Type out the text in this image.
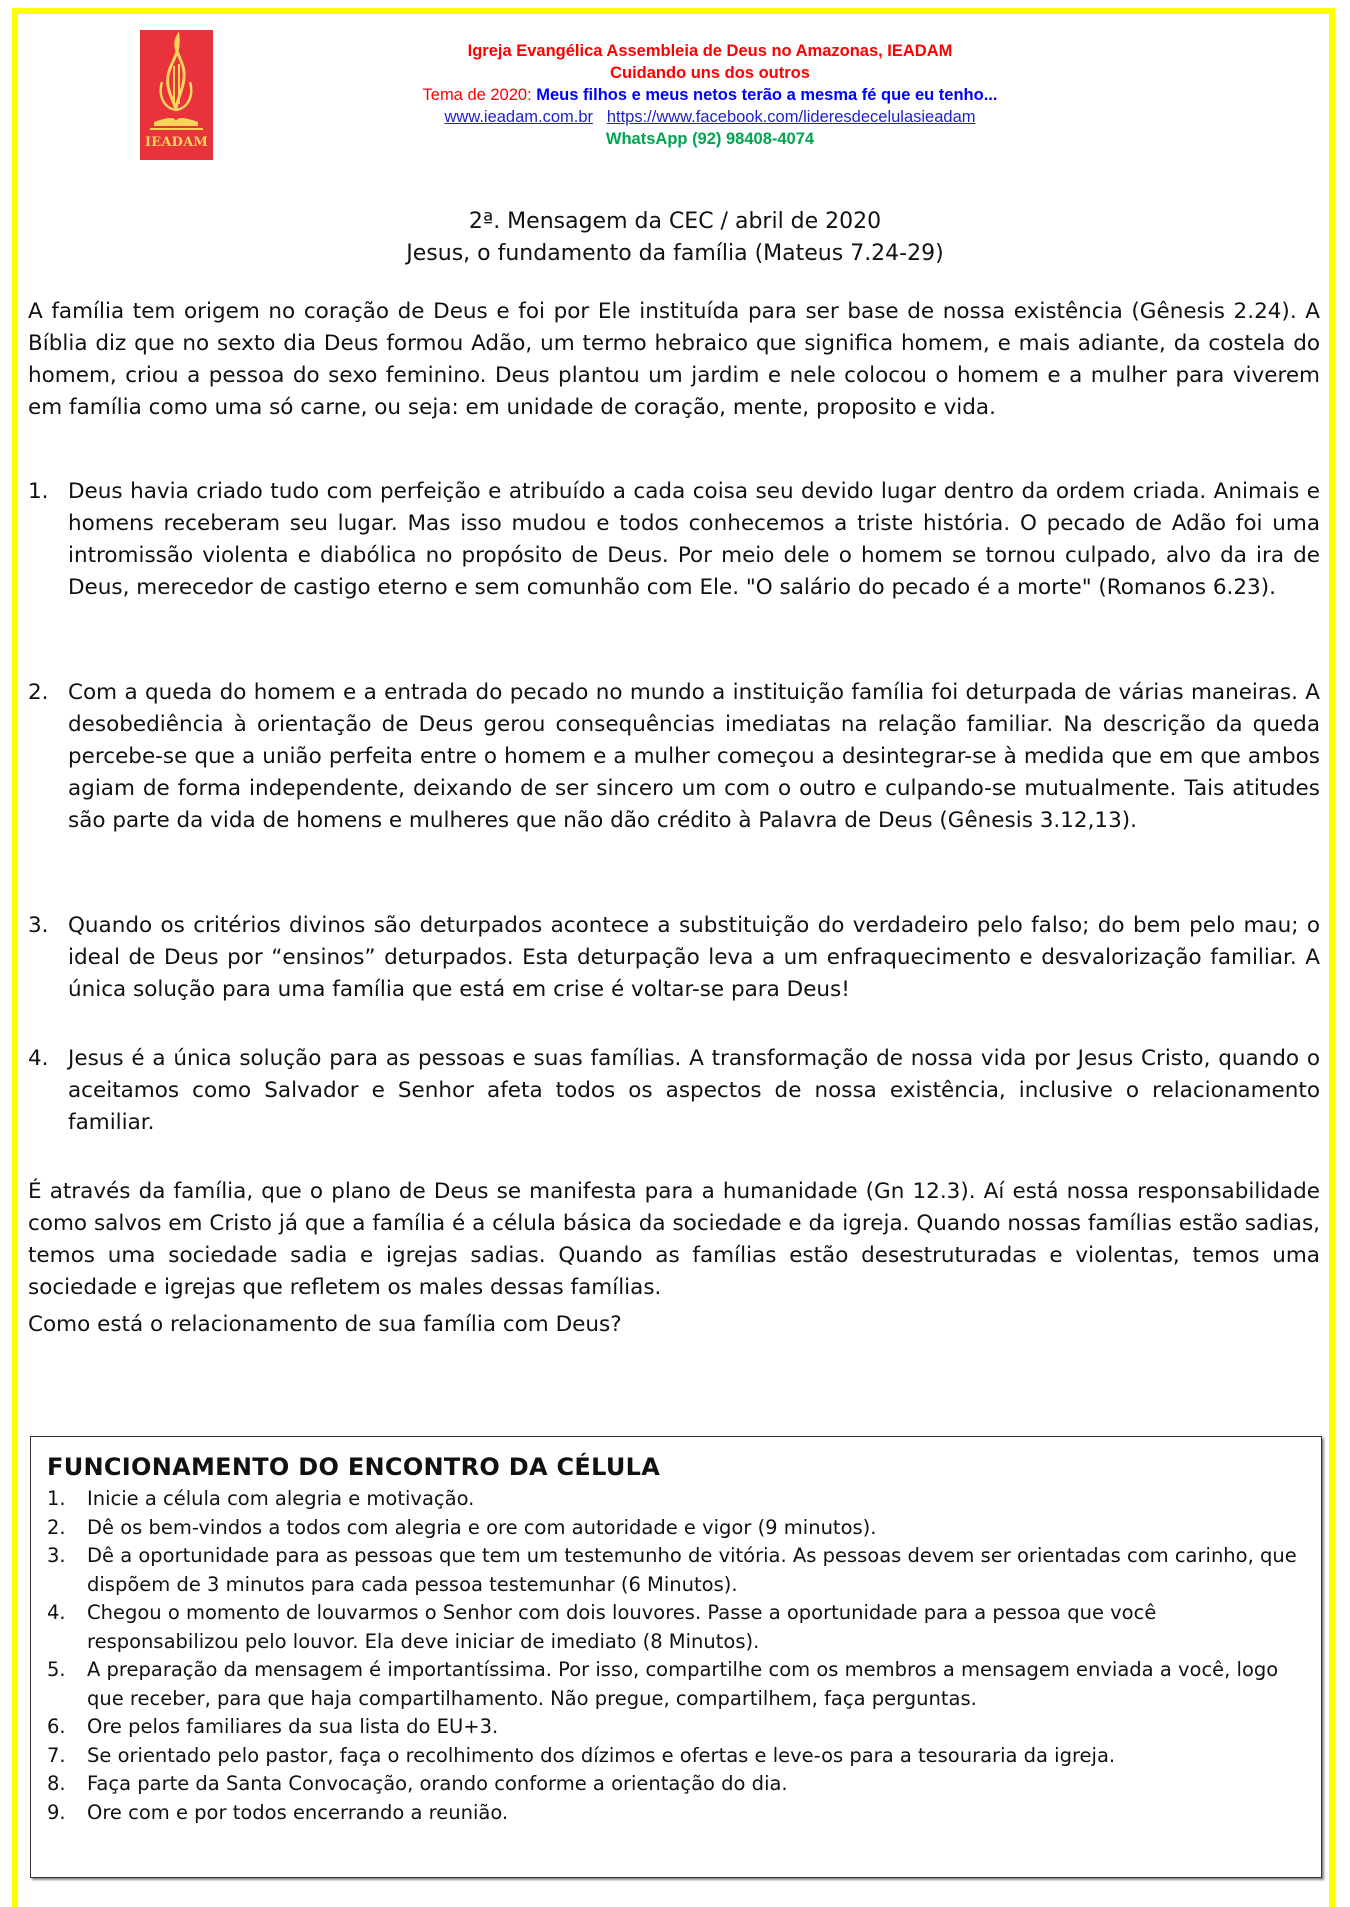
IEADAM
Igreja Evangélica Assembleia de Deus no Amazonas, IEADAM
Cuidando uns dos outros
Tema de 2020: Meus filhos e meus netos terão a mesma fé que eu tenho...
www.ieadam.com.br https://www.facebook.com/lideresdecelulasieadam
WhatsApp (92) 98408-4074
2ª. Mensagem da CEC / abril de 2020
Jesus, o fundamento da família (Mateus 7.24-29)

A família tem origem no coração de Deus e foi por Ele instituída para ser base de nossa existência (Gênesis 2.24). A Bíblia diz que no sexto dia Deus formou Adão, um termo hebraico que significa homem, e mais adiante, da costela do homem, criou a pessoa do sexo feminino. Deus plantou um jardim e nele colocou o homem e a mulher para viverem em família como uma só carne, ou seja: em unidade de coração, mente, proposito e vida.

1. Deus havia criado tudo com perfeição e atribuído a cada coisa seu devido lugar dentro da ordem criada. Animais e homens receberam seu lugar. Mas isso mudou e todos conhecemos a triste história. O pecado de Adão foi uma intromissão violenta e diabólica no propósito de Deus. Por meio dele o homem se tornou culpado, alvo da ira de Deus, merecedor de castigo eterno e sem comunhão com Ele. "O salário do pecado é a morte" (Romanos 6.23).
2. Com a queda do homem e a entrada do pecado no mundo a instituição família foi deturpada de várias maneiras. A desobediência à orientação de Deus gerou consequências imediatas na relação familiar. Na descrição da queda percebe-se que a união perfeita entre o homem e a mulher começou a desintegrar-se à medida que em que ambos agiam de forma independente, deixando de ser sincero um com o outro e culpando-se mutualmente. Tais atitudes são parte da vida de homens e mulheres que não dão crédito à Palavra de Deus (Gênesis 3.12,13).
3. Quando os critérios divinos são deturpados acontece a substituição do verdadeiro pelo falso; do bem pelo mau; o ideal de Deus por “ensinos” deturpados. Esta deturpação leva a um enfraquecimento e desvalorização familiar. A única solução para uma família que está em crise é voltar-se para Deus!
4. Jesus é a única solução para as pessoas e suas famílias. A transformação de nossa vida por Jesus Cristo, quando o aceitamos como Salvador e Senhor afeta todos os aspectos de nossa existência, inclusive o relacionamento familiar.

É através da família, que o plano de Deus se manifesta para a humanidade (Gn 12.3). Aí está nossa responsabilidade como salvos em Cristo já que a família é a célula básica da sociedade e da igreja. Quando nossas famílias estão sadias, temos uma sociedade sadia e igrejas sadias. Quando as famílias estão desestruturadas e violentas, temos uma sociedade e igrejas que refletem os males dessas famílias.

Como está o relacionamento de sua família com Deus?

FUNCIONAMENTO DO ENCONTRO DA CÉLULA
1. Inicie a célula com alegria e motivação.
2. Dê os bem-vindos a todos com alegria e ore com autoridade e vigor (9 minutos).
3. Dê a oportunidade para as pessoas que tem um testemunho de vitória. As pessoas devem ser orientadas com carinho, que dispõem de 3 minutos para cada pessoa testemunhar (6 Minutos).
4. Chegou o momento de louvarmos o Senhor com dois louvores. Passe a oportunidade para a pessoa que você responsabilizou pelo louvor. Ela deve iniciar de imediato (8 Minutos).
5. A preparação da mensagem é importantíssima. Por isso, compartilhe com os membros a mensagem enviada a você, logo que receber, para que haja compartilhamento. Não pregue, compartilhem, faça perguntas.
6. Ore pelos familiares da sua lista do EU+3.
7. Se orientado pelo pastor, faça o recolhimento dos dízimos e ofertas e leve-os para a tesouraria da igreja.
8. Faça parte da Santa Convocação, orando conforme a orientação do dia.
9. Ore com e por todos encerrando a reunião.
